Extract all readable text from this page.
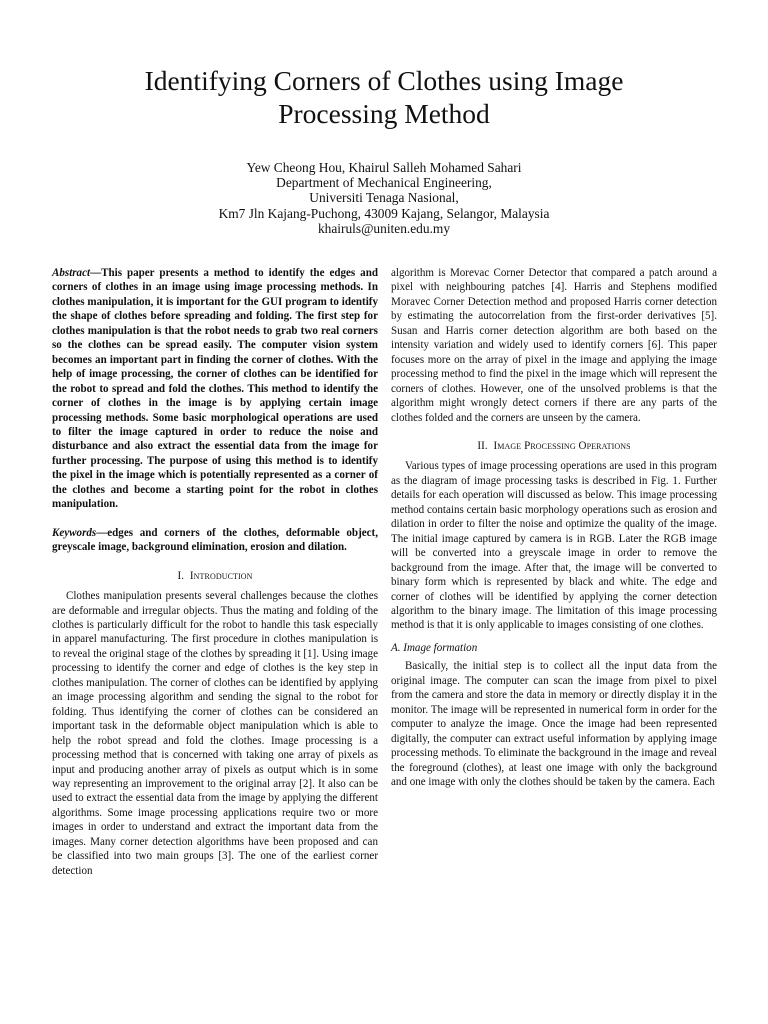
Identifying Corners of Clothes using Image
Processing Method
Yew Cheong Hou, Khairul Salleh Mohamed Sahari
Department of Mechanical Engineering,
Universiti Tenaga Nasional,
Km7 Jln Kajang-Puchong, 43009 Kajang, Selangor, Malaysia
khairuls@uniten.edu.my

Abstract—This paper presents a method to identify the edges and corners of clothes in an image using image processing methods. In clothes manipulation, it is important for the GUI program to identify the shape of clothes before spreading and folding. The first step for clothes manipulation is that the robot needs to grab two real corners so the clothes can be spread easily. The computer vision system becomes an important part in finding the corner of clothes. With the help of image processing, the corner of clothes can be identified for the robot to spread and fold the clothes. This method to identify the corner of clothes in the image is by applying certain image processing methods. Some basic morphological operations are used to filter the image captured in order to reduce the noise and disturbance and also extract the essential data from the image for further processing. The purpose of using this method is to identify the pixel in the image which is potentially represented as a corner of the clothes and become a starting point for the robot in clothes manipulation.

Keywords—edges and corners of the clothes, deformable object, greyscale image, background elimination, erosion and dilation.

I. Introduction

Clothes manipulation presents several challenges because the clothes are deformable and irregular objects. Thus the mating and folding of the clothes is particularly difficult for the robot to handle this task especially in apparel manufacturing. The first procedure in clothes manipulation is to reveal the original stage of the clothes by spreading it [1]. Using image processing to identify the corner and edge of clothes is the key step in clothes manipulation. The corner of clothes can be identified by applying an image processing algorithm and sending the signal to the robot for folding. Thus identifying the corner of clothes can be considered an important task in the deformable object manipulation which is able to help the robot spread and fold the clothes. Image processing is a processing method that is concerned with taking one array of pixels as input and producing another array of pixels as output which is in some way representing an improvement to the original array [2]. It also can be used to extract the essential data from the image by applying the different algorithms. Some image processing applications require two or more images in order to understand and extract the important data from the images. Many corner detection algorithms have been proposed and can be classified into two main groups [3]. The one of the earliest corner detection

algorithm is Morevac Corner Detector that compared a patch around a pixel with neighbouring patches [4]. Harris and Stephens modified Moravec Corner Detection method and proposed Harris corner detection by estimating the autocorrelation from the first-order derivatives [5]. Susan and Harris corner detection algorithm are both based on the intensity variation and widely used to identify corners [6]. This paper focuses more on the array of pixel in the image and applying the image processing method to find the pixel in the image which will represent the corners of clothes. However, one of the unsolved problems is that the algorithm might wrongly detect corners if there are any parts of the clothes folded and the corners are unseen by the camera.

II. Image Processing Operations

Various types of image processing operations are used in this program as the diagram of image processing tasks is described in Fig. 1. Further details for each operation will discussed as below. This image processing method contains certain basic morphology operations such as erosion and dilation in order to filter the noise and optimize the quality of the image. The initial image captured by camera is in RGB. Later the RGB image will be converted into a greyscale image in order to remove the background from the image. After that, the image will be converted to binary form which is represented by black and white. The edge and corner of clothes will be identified by applying the corner detection algorithm to the binary image. The limitation of this image processing method is that it is only applicable to images consisting of one clothes.

A. Image formation

Basically, the initial step is to collect all the input data from the original image. The computer can scan the image from pixel to pixel from the camera and store the data in memory or directly display it in the monitor. The image will be represented in numerical form in order for the computer to analyze the image. Once the image had been represented digitally, the computer can extract useful information by applying image processing methods. To eliminate the background in the image and reveal the foreground (clothes), at least one image with only the background and one image with only the clothes should be taken by the camera. Each
